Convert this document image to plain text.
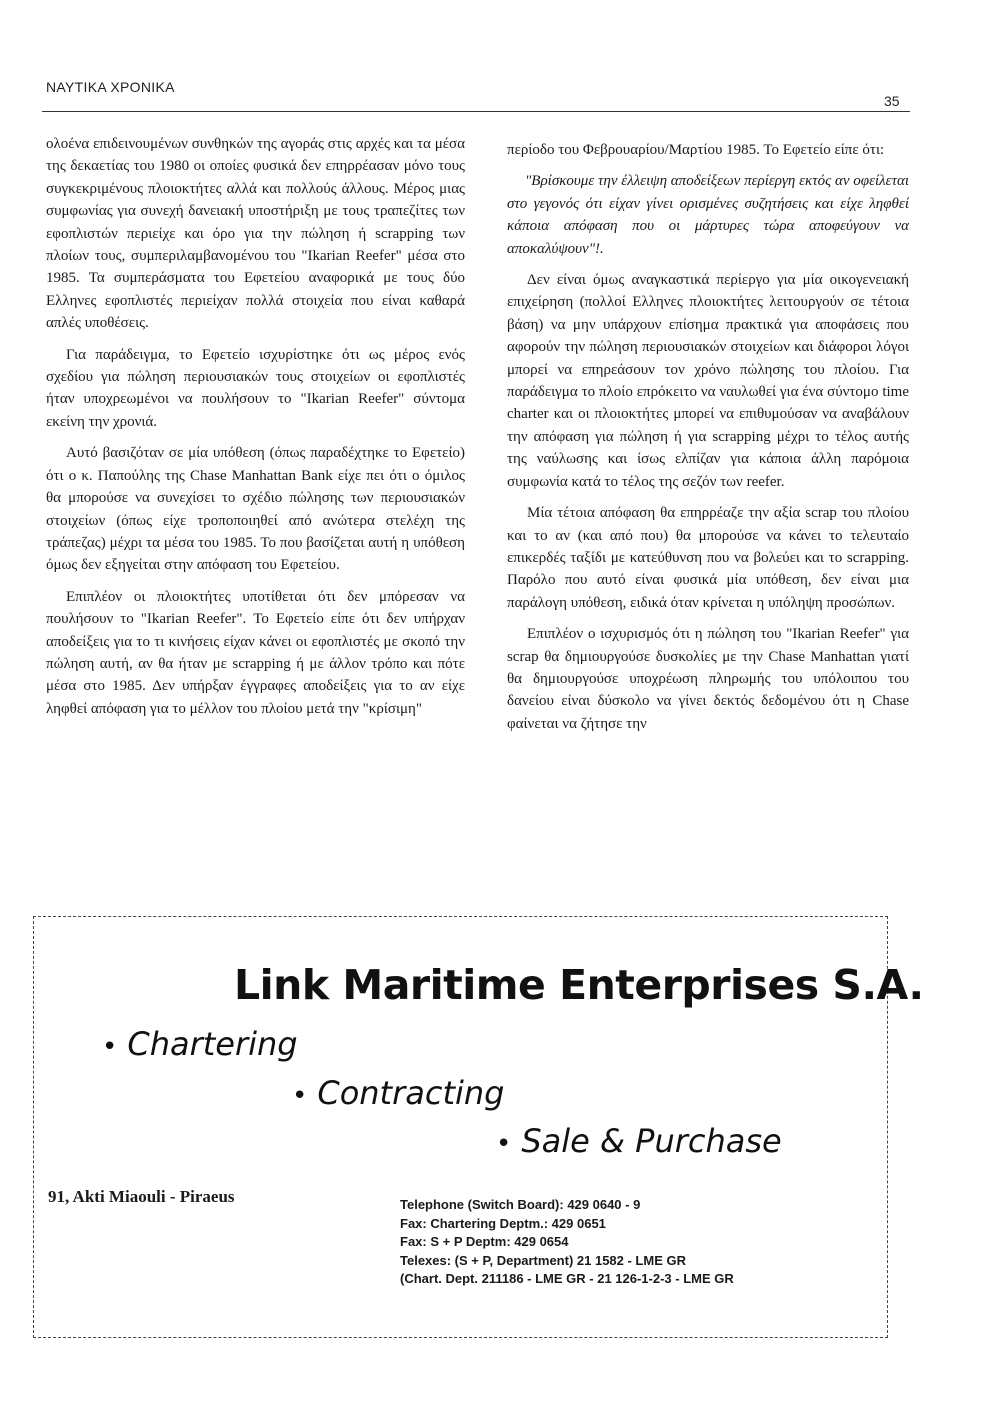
ΝΑΥΤΙΚΑ ΧΡΟΝΙΚΑ
35

ολοένα επιδεινουμένων συνθηκών της αγοράς στις αρχές και τα μέσα της δεκαετίας του 1980 οι οποίες φυσικά δεν επηρρέασαν μόνο τους συγκεκριμένους πλοιοκτήτες αλλά και πολλούς άλλους. Μέρος μιας συμφωνίας για συνεχή δανειακή υποστήριξη με τους τραπεζίτες των εφοπλιστών περιείχε και όρο για την πώληση ή scrapping των πλοίων τους, συμπεριλαμβανομένου του "Ikarian Reefer" μέσα στο 1985. Τα συμπεράσματα του Εφετείου αναφορικά με τους δύο Ελληνες εφοπλιστές περιείχαν πολλά στοιχεία που είναι καθαρά απλές υποθέσεις.

Για παράδειγμα, το Εφετείο ισχυρίστηκε ότι ως μέρος ενός σχεδίου για πώληση περιουσιακών τους στοιχείων οι εφοπλιστές ήταν υποχρεωμένοι να πουλήσουν το "Ikarian Reefer" σύντομα εκείνη την χρονιά.

Αυτό βασιζόταν σε μία υπόθεση (όπως παραδέχτηκε το Εφετείο) ότι ο κ. Παπούλης της Chase Manhattan Bank είχε πει ότι ο όμιλος θα μπορούσε να συνεχίσει το σχέδιο πώλησης των περιουσιακών στοιχείων (όπως είχε τροποποιηθεί από ανώτερα στελέχη της τράπεζας) μέχρι τα μέσα του 1985. Το που βασίζεται αυτή η υπόθεση όμως δεν εξηγείται στην απόφαση του Εφετείου.

Επιπλέον οι πλοιοκτήτες υποτίθεται ότι δεν μπόρεσαν να πουλήσουν το "Ikarian Reefer". Το Εφετείο είπε ότι δεν υπήρχαν αποδείξεις για το τι κινήσεις είχαν κάνει οι εφοπλιστές με σκοπό την πώληση αυτή, αν θα ήταν με scrapping ή με άλλον τρόπο και πότε μέσα στο 1985. Δεν υπήρξαν έγγραφες αποδείξεις για το αν είχε ληφθεί απόφαση για το μέλλον του πλοίου μετά την "κρίσιμη"

περίοδο του Φεβρουαρίου/Μαρτίου 1985. Το Εφετείο είπε ότι:

"Βρίσκουμε την έλλειψη αποδείξεων περίεργη εκτός αν οφείλεται στο γεγονός ότι είχαν γίνει ορισμένες συζητήσεις και είχε ληφθεί κάποια απόφαση που οι μάρτυρες τώρα αποφεύγουν να αποκαλύψουν"!.

Δεν είναι όμως αναγκαστικά περίεργο για μία οικογενειακή επιχείρηση (πολλοί Ελληνες πλοιοκτήτες λειτουργούν σε τέτοια βάση) να μην υπάρχουν επίσημα πρακτικά για αποφάσεις που αφορούν την πώληση περιουσιακών στοιχείων και διάφοροι λόγοι μπορεί να επηρεάσουν τον χρόνο πώλησης του πλοίου. Για παράδειγμα το πλοίο επρόκειτο να ναυλωθεί για ένα σύντομο time charter και οι πλοιοκτήτες μπορεί να επιθυμούσαν να αναβάλουν την απόφαση για πώληση ή για scrapping μέχρι το τέλος αυτής της ναύλωσης και ίσως ελπίζαν για κάποια άλλη παρόμοια συμφωνία κατά το τέλος της σεζόν των reefer.

Μία τέτοια απόφαση θα επηρρέαζε την αξία scrap του πλοίου και το αν (και από που) θα μπορούσε να κάνει το τελευταίο επικερδές ταξίδι με κατεύθυνση που να βολεύει και το scrapping. Παρόλο που αυτό είναι φυσικά μία υπόθεση, δεν είναι μια παράλογη υπόθεση, ειδικά όταν κρίνεται η υπόληψη προσώπων.

Επιπλέον ο ισχυρισμός ότι η πώληση του "Ikarian Reefer" για scrap θα δημιουργούσε δυσκολίες με την Chase Manhattan γιατί θα δημιουργούσε υποχρέωση πληρωμής του υπόλοιπου του δανείου είναι δύσκολο να γίνει δεκτός δεδομένου ότι η Chase φαίνεται να ζήτησε την

Link Maritime Enterprises S.A.
• Chartering
• Contracting
• Sale & Purchase
91, Akti Miaouli - Piraeus	Telephone (Switch Board): 429 0640 - 9
Fax: Chartering Deptm.: 429 0651
Fax: S + P Deptm: 429 0654
Telexes: (S + P, Department) 21 1582 - LME GR
(Chart. Dept. 211186 - LME GR - 21 126-1-2-3 - LME GR
